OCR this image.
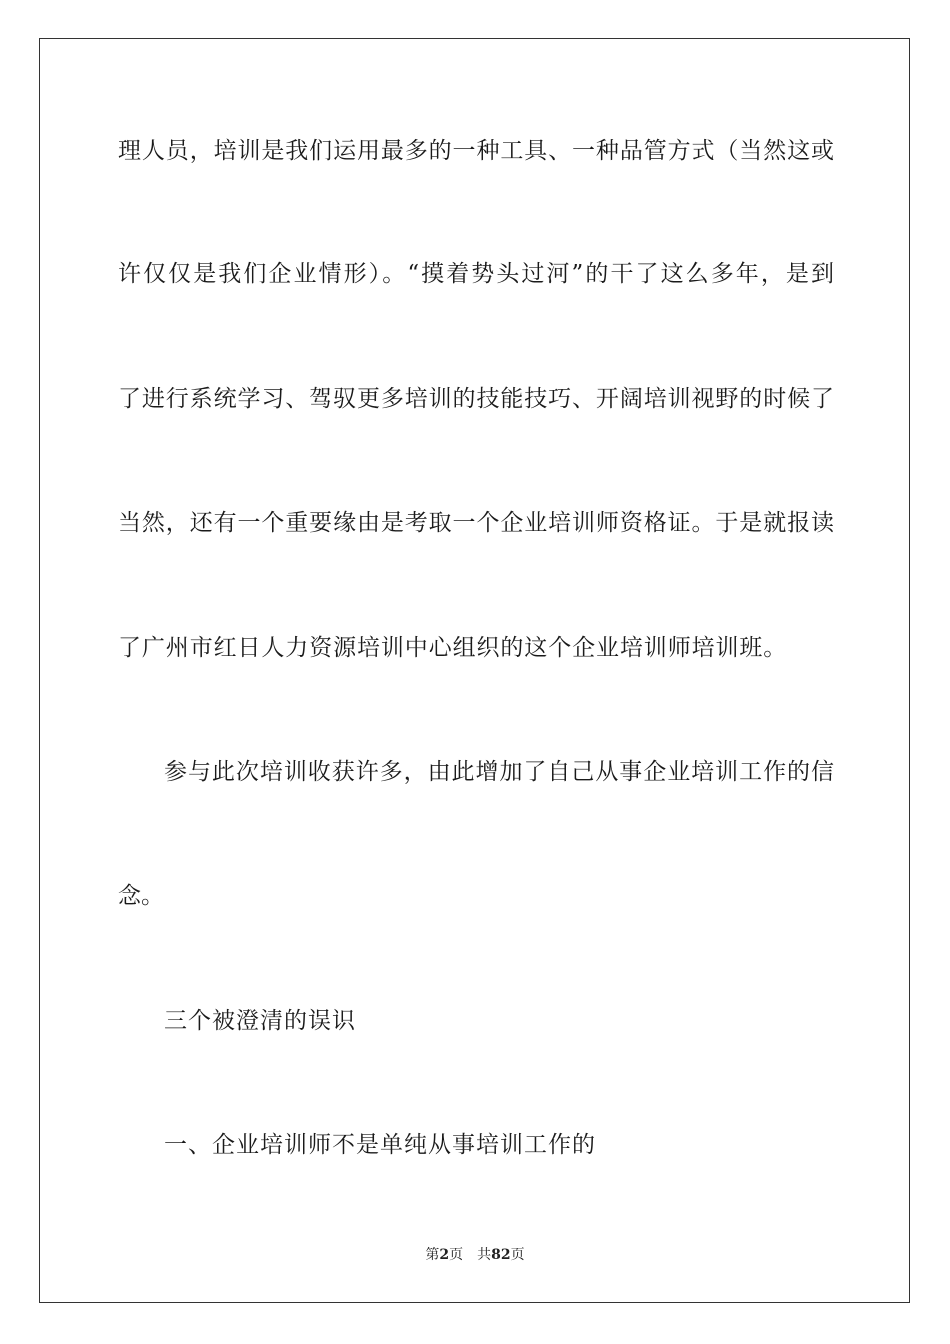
理人员，培训是我们运用最多的一种工具、一种品管方式（当然这或
许仅仅是我们企业情形）。“摸着势头过河”的干了这么多年，是到
了进行系统学习、驾驭更多培训的技能技巧、开阔培训视野的时候了
当然，还有一个重要缘由是考取一个企业培训师资格证。于是就报读
了广州市红日人力资源培训中心组织的这个企业培训师培训班。
参与此次培训收获许多，由此增加了自己从事企业培训工作的信
念。
三个被澄清的误识
一、企业培训师不是单纯从事培训工作的
第2页 共82页
